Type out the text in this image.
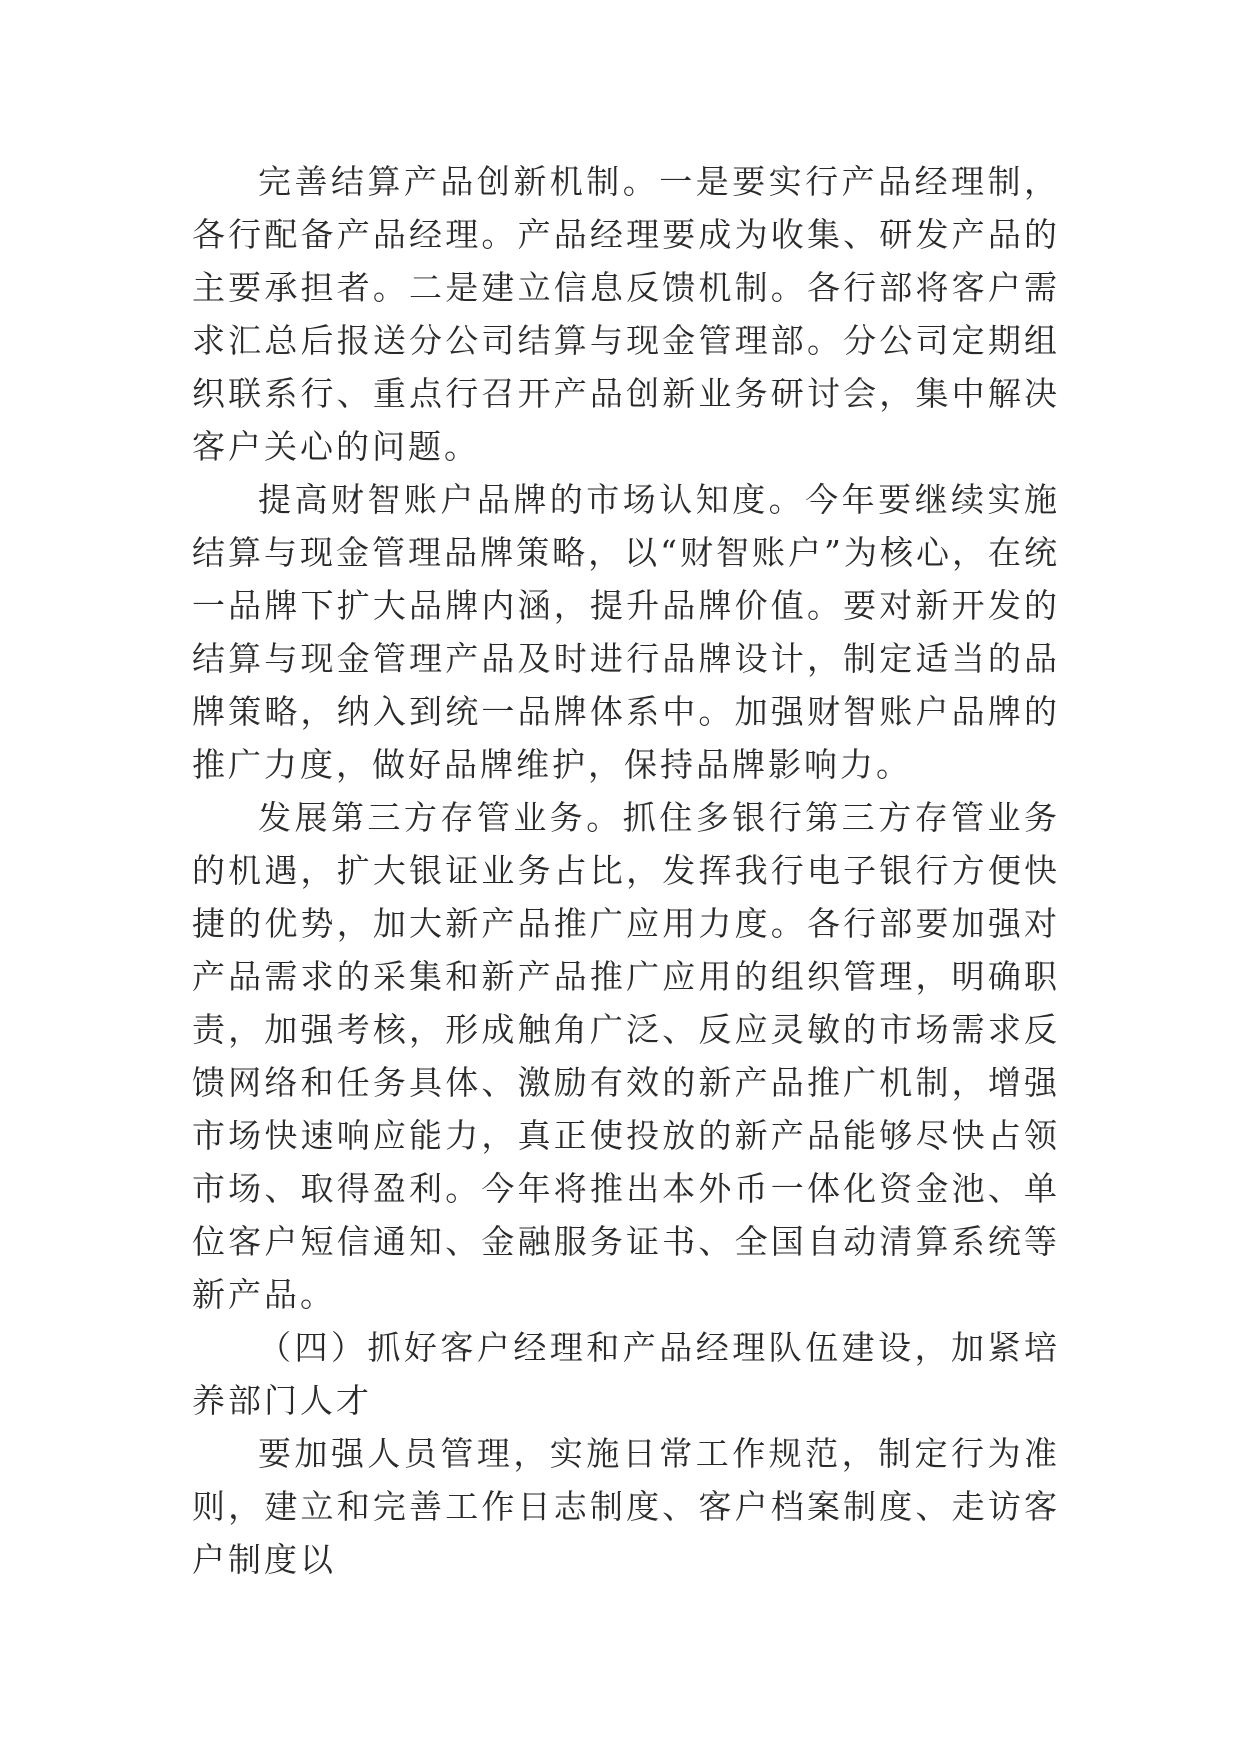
完善结算产品创新机制。一是要实行产品经理制，各行配备产品经理。产品经理要成为收集、研发产品的主要承担者。二是建立信息反馈机制。各行部将客户需求汇总后报送分公司结算与现金管理部。分公司定期组织联系行、重点行召开产品创新业务研讨会，集中解决客户关心的问题。

提高财智账户品牌的市场认知度。今年要继续实施结算与现金管理品牌策略，以“财智账户”为核心，在统一品牌下扩大品牌内涵，提升品牌价值。要对新开发的结算与现金管理产品及时进行品牌设计，制定适当的品牌策略，纳入到统一品牌体系中。加强财智账户品牌的推广力度，做好品牌维护，保持品牌影响力。

发展第三方存管业务。抓住多银行第三方存管业务的机遇，扩大银证业务占比，发挥我行电子银行方便快捷的优势，加大新产品推广应用力度。各行部要加强对产品需求的采集和新产品推广应用的组织管理，明确职责，加强考核，形成触角广泛、反应灵敏的市场需求反馈网络和任务具体、激励有效的新产品推广机制，增强市场快速响应能力，真正使投放的新产品能够尽快占领市场、取得盈利。今年将推出本外币一体化资金池、单位客户短信通知、金融服务证书、全国自动清算系统等新产品。

（四）抓好客户经理和产品经理队伍建设，加紧培养部门人才

要加强人员管理，实施日常工作规范，制定行为准则，建立和完善工作日志制度、客户档案制度、走访客户制度以
